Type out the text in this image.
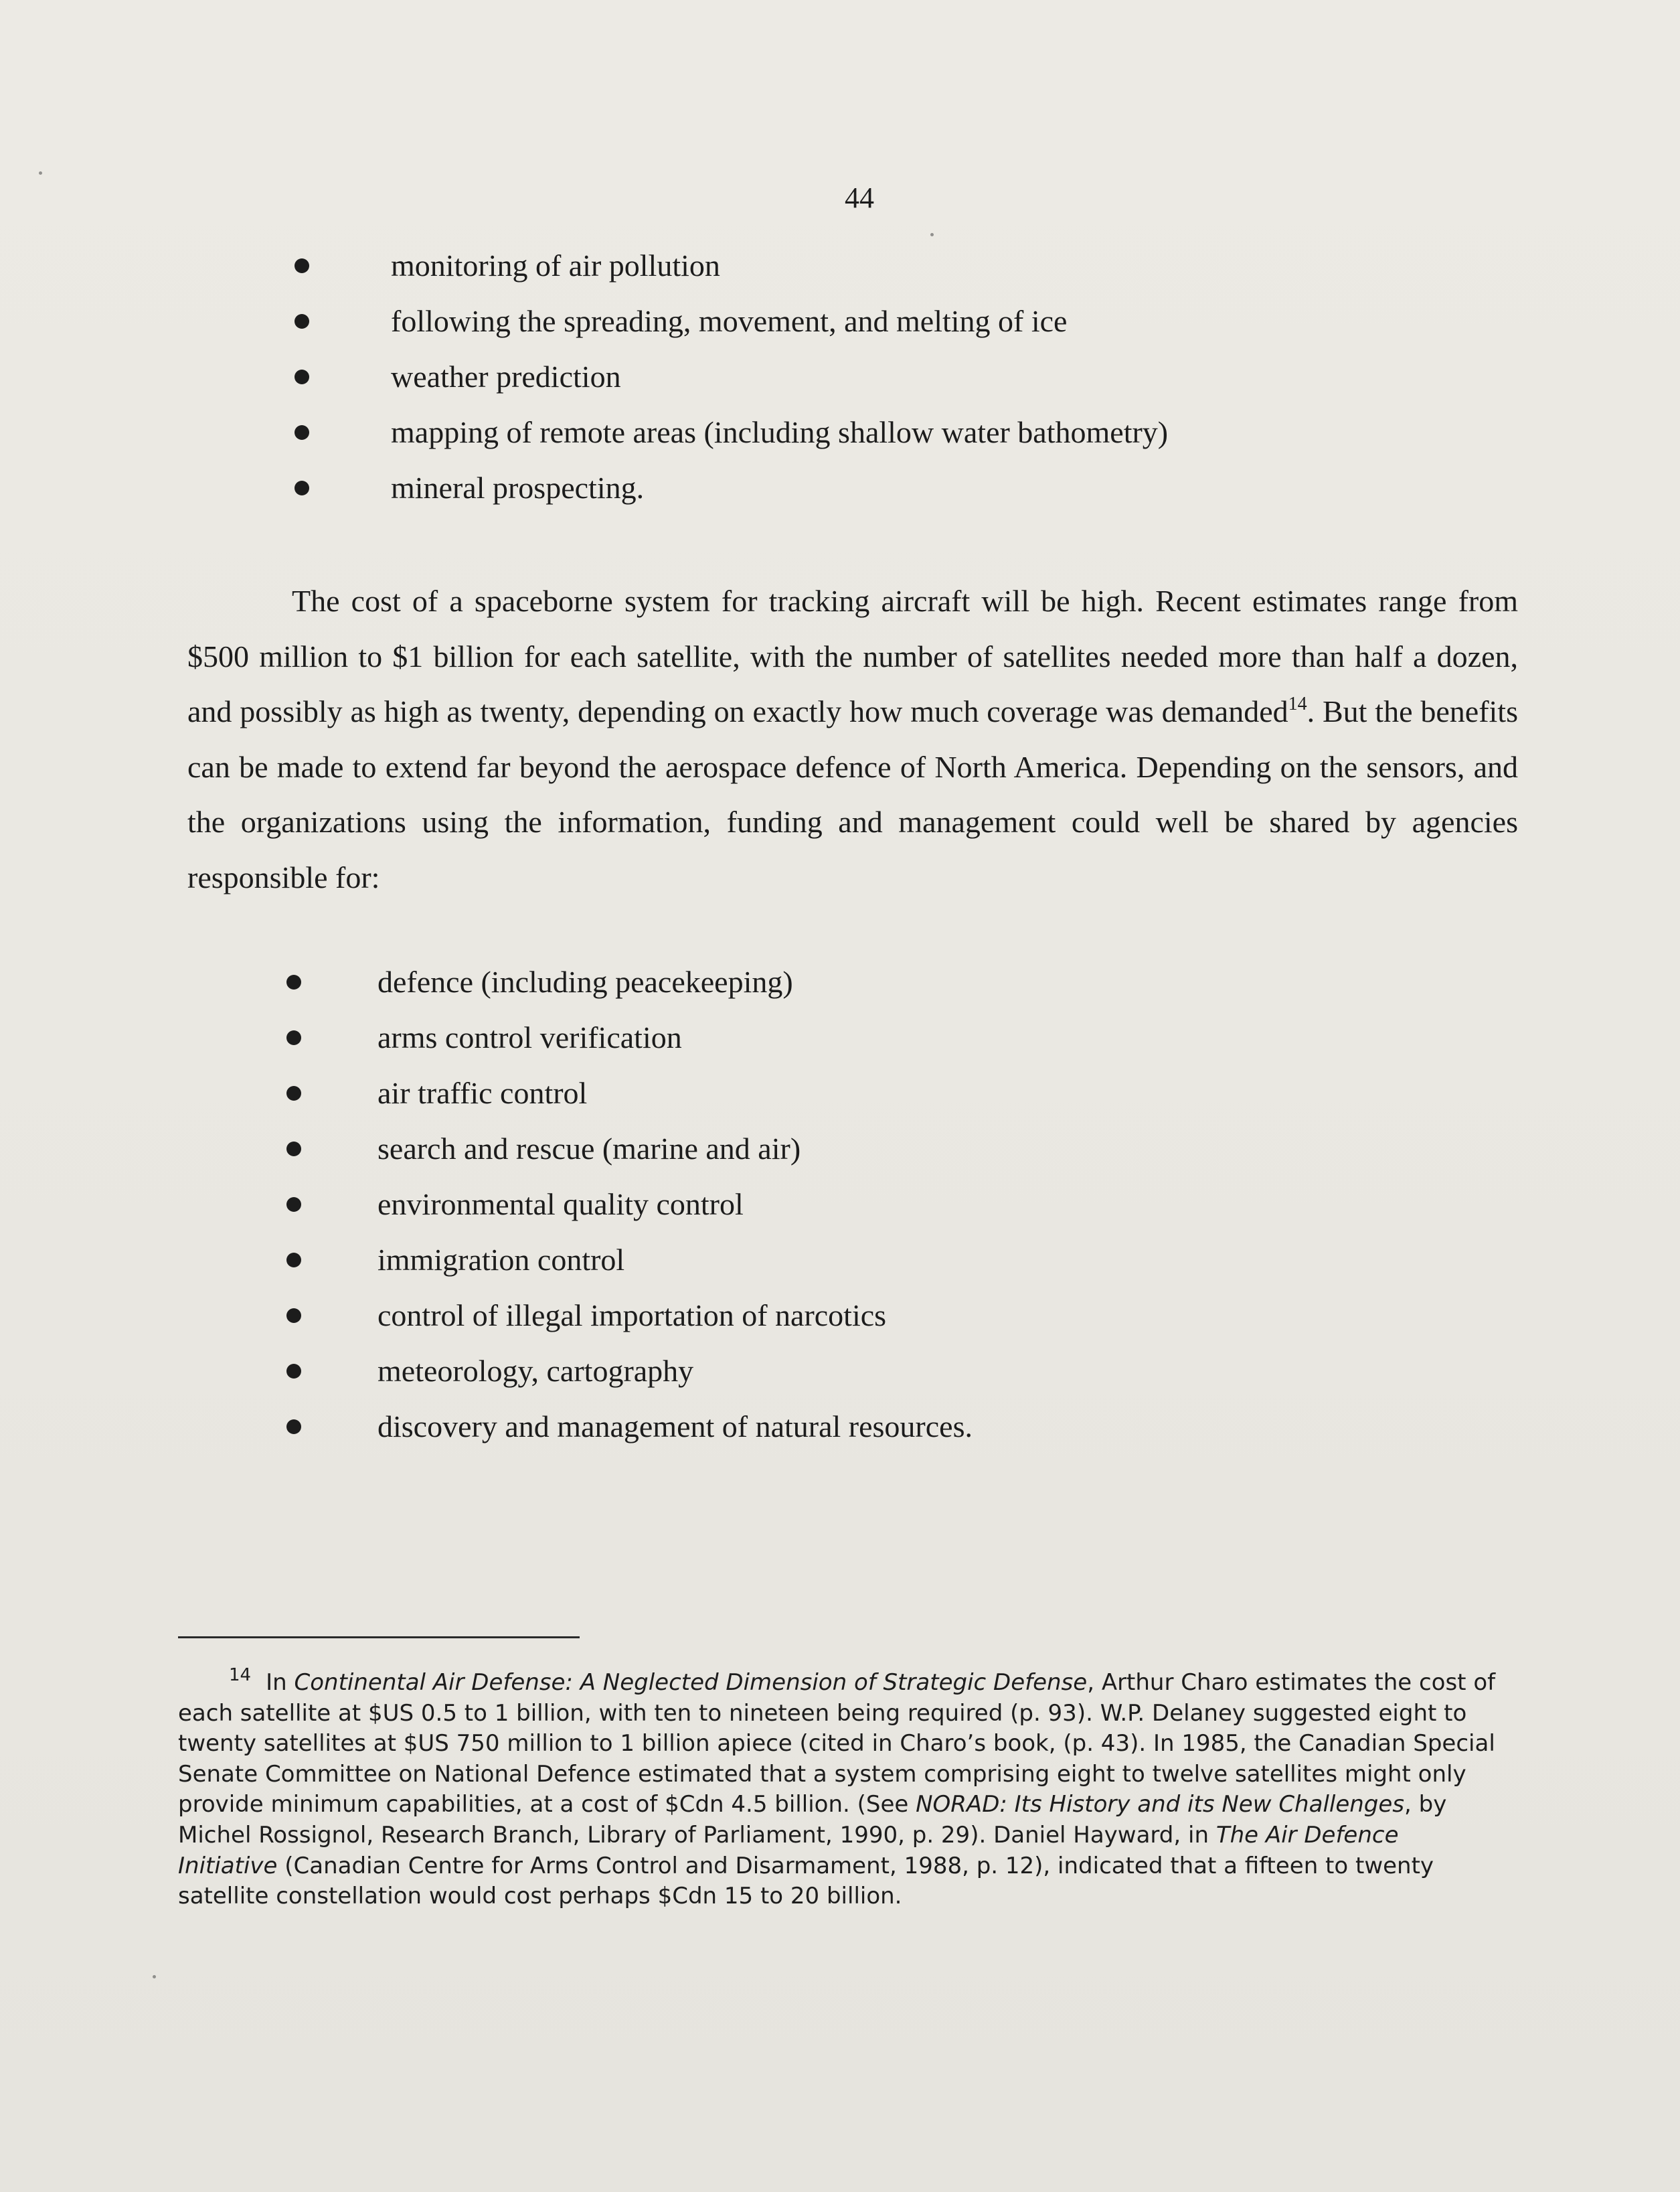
44
monitoring of air pollution
following the spreading, movement, and melting of ice
weather prediction
mapping of remote areas (including shallow water bathometry)
mineral prospecting.

The cost of a spaceborne system for tracking aircraft will be high. Recent estimates range from $500 million to $1 billion for each satellite, with the number of satellites needed more than half a dozen, and possibly as high as twenty, depending on exactly how much coverage was demanded$^{14}$. But the benefits can be made to extend far beyond the aerospace defence of North America. Depending on the sensors, and the organizations using the information, funding and management could well be shared by agencies responsible for:

defence (including peacekeeping)
arms control verification
air traffic control
search and rescue (marine and air)
environmental quality control
immigration control
control of illegal importation of narcotics
meteorology, cartography
discovery and management of natural resources.

$^{14}$ In Continental Air Defense: A Neglected Dimension of Strategic Defense, Arthur Charo estimates the cost of each satellite at $US 0.5 to 1 billion, with ten to nineteen being required (p. 93). W.P. Delaney suggested eight to twenty satellites at $US 750 million to 1 billion apiece (cited in Charo’s book, (p. 43). In 1985, the Canadian Special Senate Committee on National Defence estimated that a system comprising eight to twelve satellites might only provide minimum capabilities, at a cost of $Cdn 4.5 billion. (See NORAD: Its History and its New Challenges, by Michel Rossignol, Research Branch, Library of Parliament, 1990, p. 29). Daniel Hayward, in The Air Defence Initiative (Canadian Centre for Arms Control and Disarmament, 1988, p. 12), indicated that a fifteen to twenty satellite constellation would cost perhaps $Cdn 15 to 20 billion.
